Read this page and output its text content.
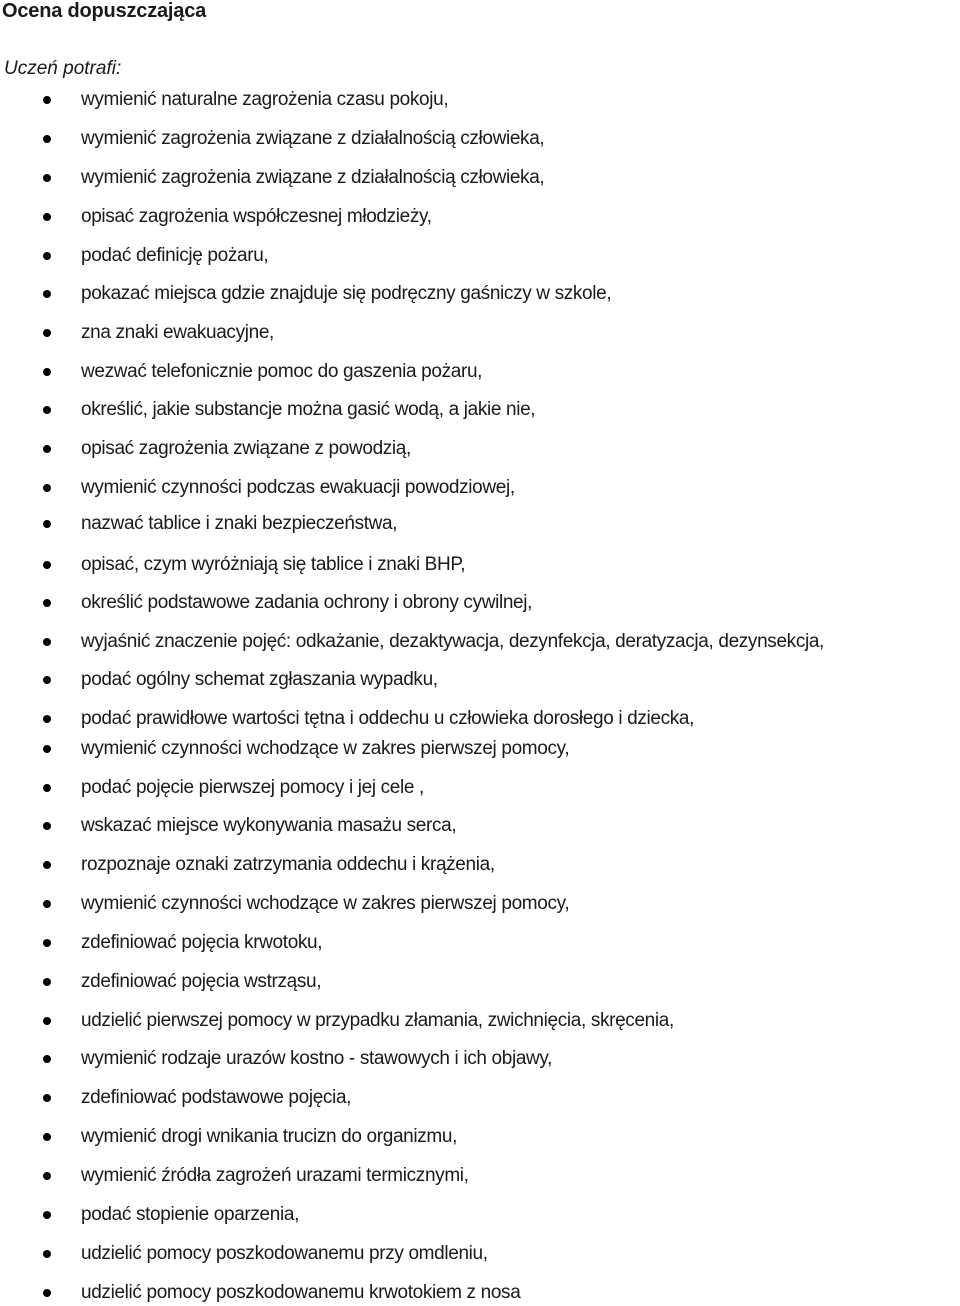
Ocena dopuszczająca
Uczeń potrafi:
wymienić naturalne zagrożenia czasu pokoju,
wymienić zagrożenia związane z działalnością człowieka,
wymienić zagrożenia związane z działalnością człowieka,
opisać zagrożenia współczesnej młodzieży,
podać definicję pożaru,
pokazać miejsca gdzie znajduje się podręczny gaśniczy w szkole,
zna znaki ewakuacyjne,
wezwać telefonicznie pomoc do gaszenia pożaru,
określić, jakie substancje można gasić wodą, a jakie nie,
opisać zagrożenia związane z powodzią,
wymienić czynności podczas ewakuacji powodziowej,
nazwać tablice i znaki bezpieczeństwa,
opisać, czym wyróżniają się tablice i znaki BHP,
określić podstawowe zadania ochrony i obrony cywilnej,
wyjaśnić znaczenie pojęć: odkażanie, dezaktywacja, dezynfekcja, deratyzacja, dezynsekcja,
podać ogólny schemat zgłaszania wypadku,
podać prawidłowe wartości tętna i oddechu u człowieka dorosłego i dziecka,
wymienić czynności wchodzące w zakres pierwszej pomocy,
podać pojęcie pierwszej pomocy i jej cele ,
wskazać miejsce wykonywania masażu serca,
rozpoznaje oznaki zatrzymania oddechu i krążenia,
wymienić czynności wchodzące w zakres pierwszej pomocy,
zdefiniować pojęcia krwotoku,
zdefiniować pojęcia wstrząsu,
udzielić pierwszej pomocy w przypadku złamania, zwichnięcia, skręcenia,
wymienić rodzaje urazów kostno - stawowych i ich objawy,
zdefiniować podstawowe pojęcia,
wymienić drogi wnikania trucizn do organizmu,
wymienić źródła zagrożeń urazami termicznymi,
podać stopienie oparzenia,
udzielić pomocy poszkodowanemu przy omdleniu,
udzielić pomocy poszkodowanemu krwotokiem z nosa
